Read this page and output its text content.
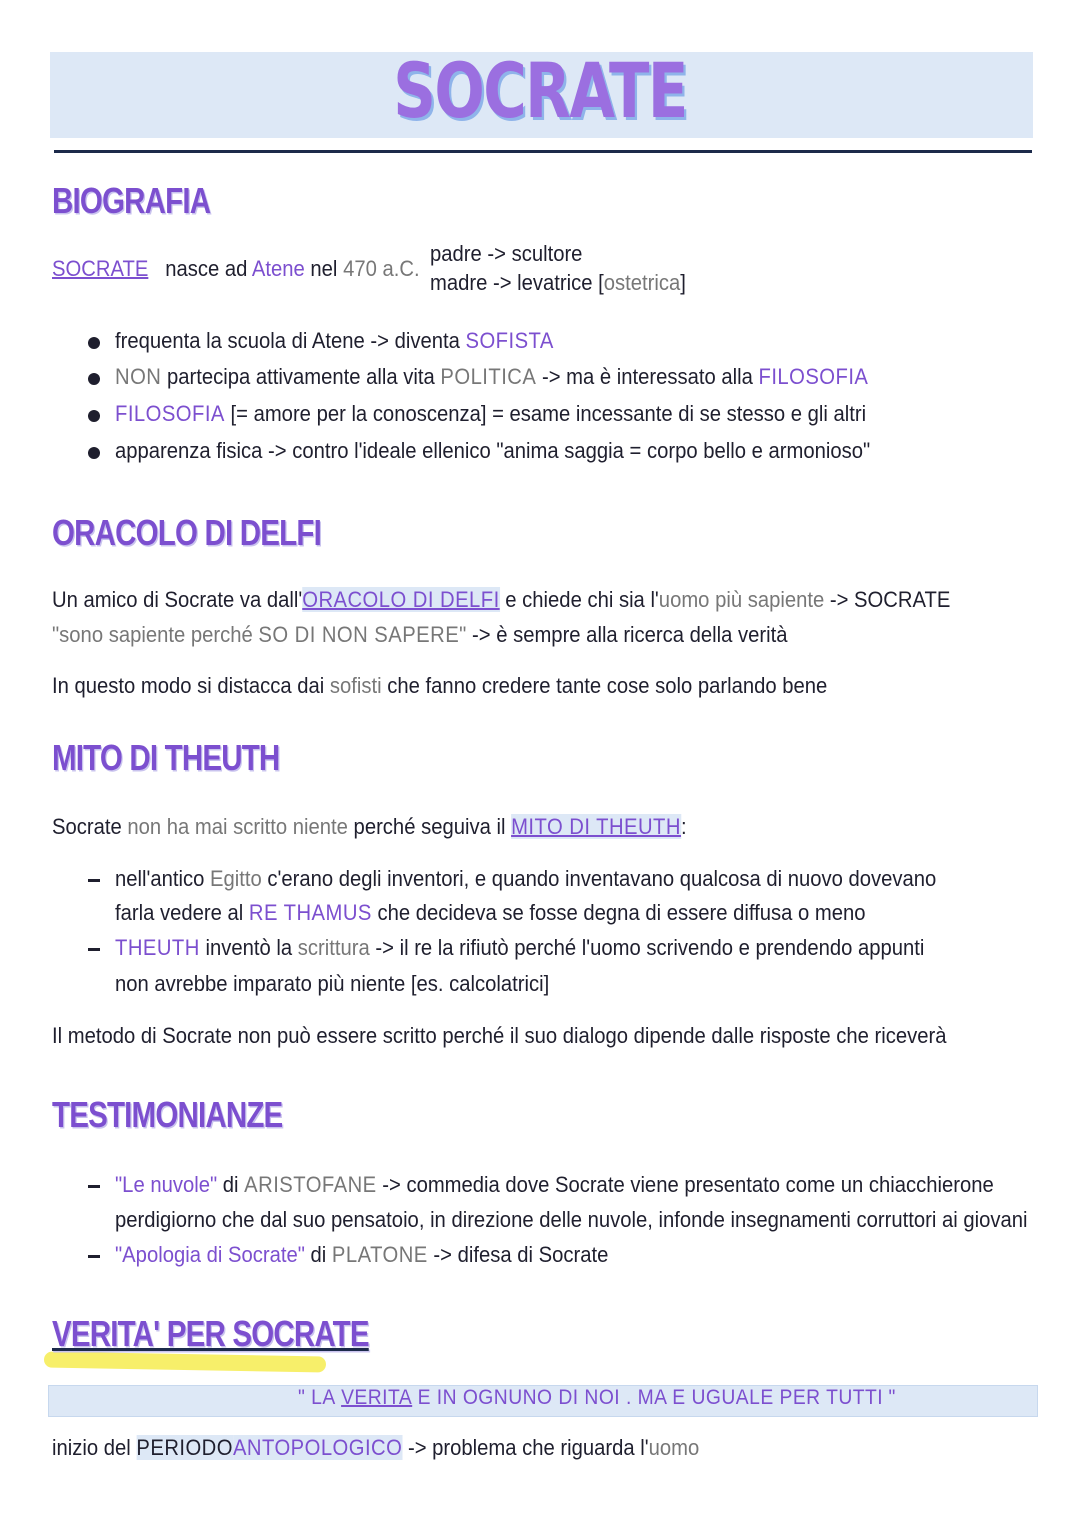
SOCRATE
BIOGRAFIA
SOCRATE nasce ad Atene nel 470 a.C.
padre -> scultore
madre -> levatrice [ostetrica]
frequenta la scuola di Atene -> diventa SOFISTA
NON partecipa attivamente alla vita POLITICA -> ma è interessato alla FILOSOFIA
FILOSOFIA [= amore per la conoscenza] = esame incessante di se stesso e gli altri
apparenza fisica -> contro l'ideale ellenico "anima saggia = corpo bello e armonioso"
ORACOLO DI DELFI
Un amico di Socrate va dall'ORACOLO DI DELFI e chiede chi sia l'uomo più sapiente -> SOCRATE
"sono sapiente perché SO DI NON SAPERE" -> è sempre alla ricerca della verità
In questo modo si distacca dai sofisti che fanno credere tante cose solo parlando bene
MITO DI THEUTH
Socrate non ha mai scritto niente perché seguiva il MITO DI THEUTH:
nell'antico Egitto c'erano degli inventori, e quando inventavano qualcosa di nuovo dovevano
farla vedere al RE THAMUS che decideva se fosse degna di essere diffusa o meno
THEUTH inventò la scrittura -> il re la rifiutò perché l'uomo scrivendo e prendendo appunti
non avrebbe imparato più niente [es. calcolatrici]
Il metodo di Socrate non può essere scritto perché il suo dialogo dipende dalle risposte che riceverà
TESTIMONIANZE
"Le nuvole" di ARISTOFANE -> commedia dove Socrate viene presentato come un chiacchierone
perdigiorno che dal suo pensatoio, in direzione delle nuvole, infonde insegnamenti corruttori ai giovani
"Apologia di Socrate" di PLATONE -> difesa di Socrate
VERITA' PER SOCRATE
" LA VERITA E IN OGNUNO DI NOI . MA E UGUALE PER TUTTI "
inizio del PERIODOANTOPOLOGICO -> problema che riguarda l'uomo
